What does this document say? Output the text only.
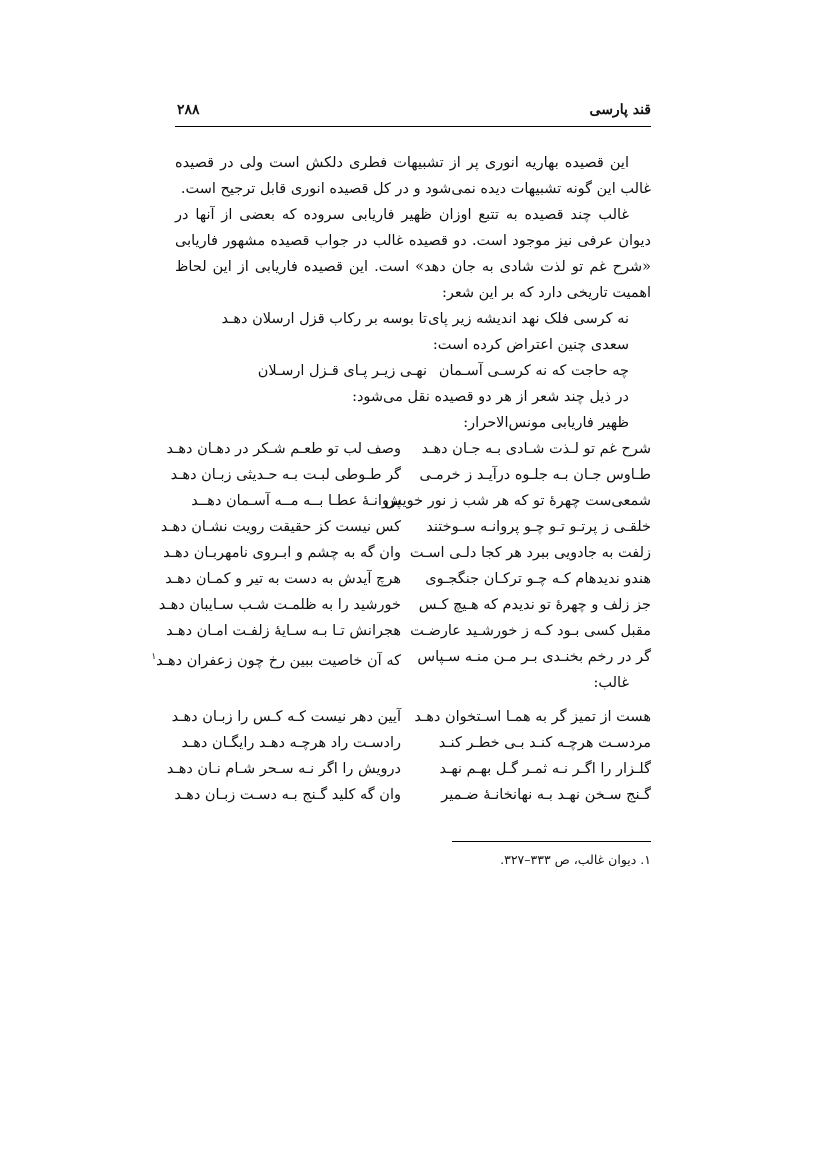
قند پارسی
۲۸۸

این قصیده بهاریه انوری پر از تشبیهات فطری دلکش است ولی در قصیده غالب این گونه تشبیهات دیده نمی‌شود و در کل قصیده انوری قابل ترجیح است.

غالب چند قصیده به تتبع اوزان ظهیر فاریابی سروده که بعضی از آنها در دیوان عرفی نیز موجود است. دو قصیده غالب در جواب قصیده مشهور فاریابی «شرح غم تو لذت شادی به جان دهد» است. این قصیده فاریابی از این لحاظ اهمیت تاریخی دارد که بر این شعر:

نه کرسی فلک نهد اندیشه زیر پای
تا بوسه بر رکاب قزل ارسلان دهـد

سعدی چنین اعتراض کرده است:

چه حاجت که نه کرسـی آسـمان
نهـی زیـر پـای قـزل ارسـلان

در ذیل چند شعر از هر دو قصیده نقل می‌شود:

ظهیر فاریابی مونس‌الاحرار:

شرح غم تو لـذت شـادی بـه جـان دهـد
وصف لب تو طعـم شـکر در دهـان دهـد
طـاوس جـان بـه جلـوه درآیـد ز خرمـی
گر طـوطی لبـت بـه حـدیثی زبـان دهـد
شمعی‌ست چهرهٔ تو که هر شب ز نور خویش
پروانـهٔ عطـا بــه مــه آسـمان دهــد
خلقـی ز پرتـو تـو چـو پروانـه سـوختند
کس نیست کز حقیقت رویت نشـان دهـد
زلفت به جادویی ببرد هر کجا دلـی اسـت
وان گه به چشم و ابـروی نامهربـان دهـد
هندو ندیدهام کـه چـو ترکـان جنگجـوی
هرچ آیدش به دست به تیر و کمـان دهـد
جز زلف و چهرهٔ تو ندیدم که هـیچ کـس
خورشید را به ظلمـت شـب سـایبان دهـد
مقبل کسی بـود کـه ز خورشـید عارضـت
هجرانش تـا بـه سـایهٔ زلفـت امـان دهـد
گر در رخم بخنـدی بـر مـن منـه سـپاس
که آن خاصیت ببین رخ چون زعفران دهـد$^۱$

غالب:

هست از تمیز گر به همـا اسـتخوان دهـد
آیین دهر نیست کـه کـس را زبـان دهـد
مردسـت هرچـه کنـد بـی خطـر کنـد
رادسـت راد هرچـه دهـد رایگـان دهـد
گلـزار را اگـر نـه ثمـر گـل بهـم نهـد
درویش را اگر نـه سـحر شـام نـان دهـد
گـنج سـخن نهـد بـه نهانخانـهٔ ضـمیر
وان گه کلید گـنج بـه دسـت زبـان دهـد
۱. دیوان غالب، ص ۳۳۳–۳۲۷.
